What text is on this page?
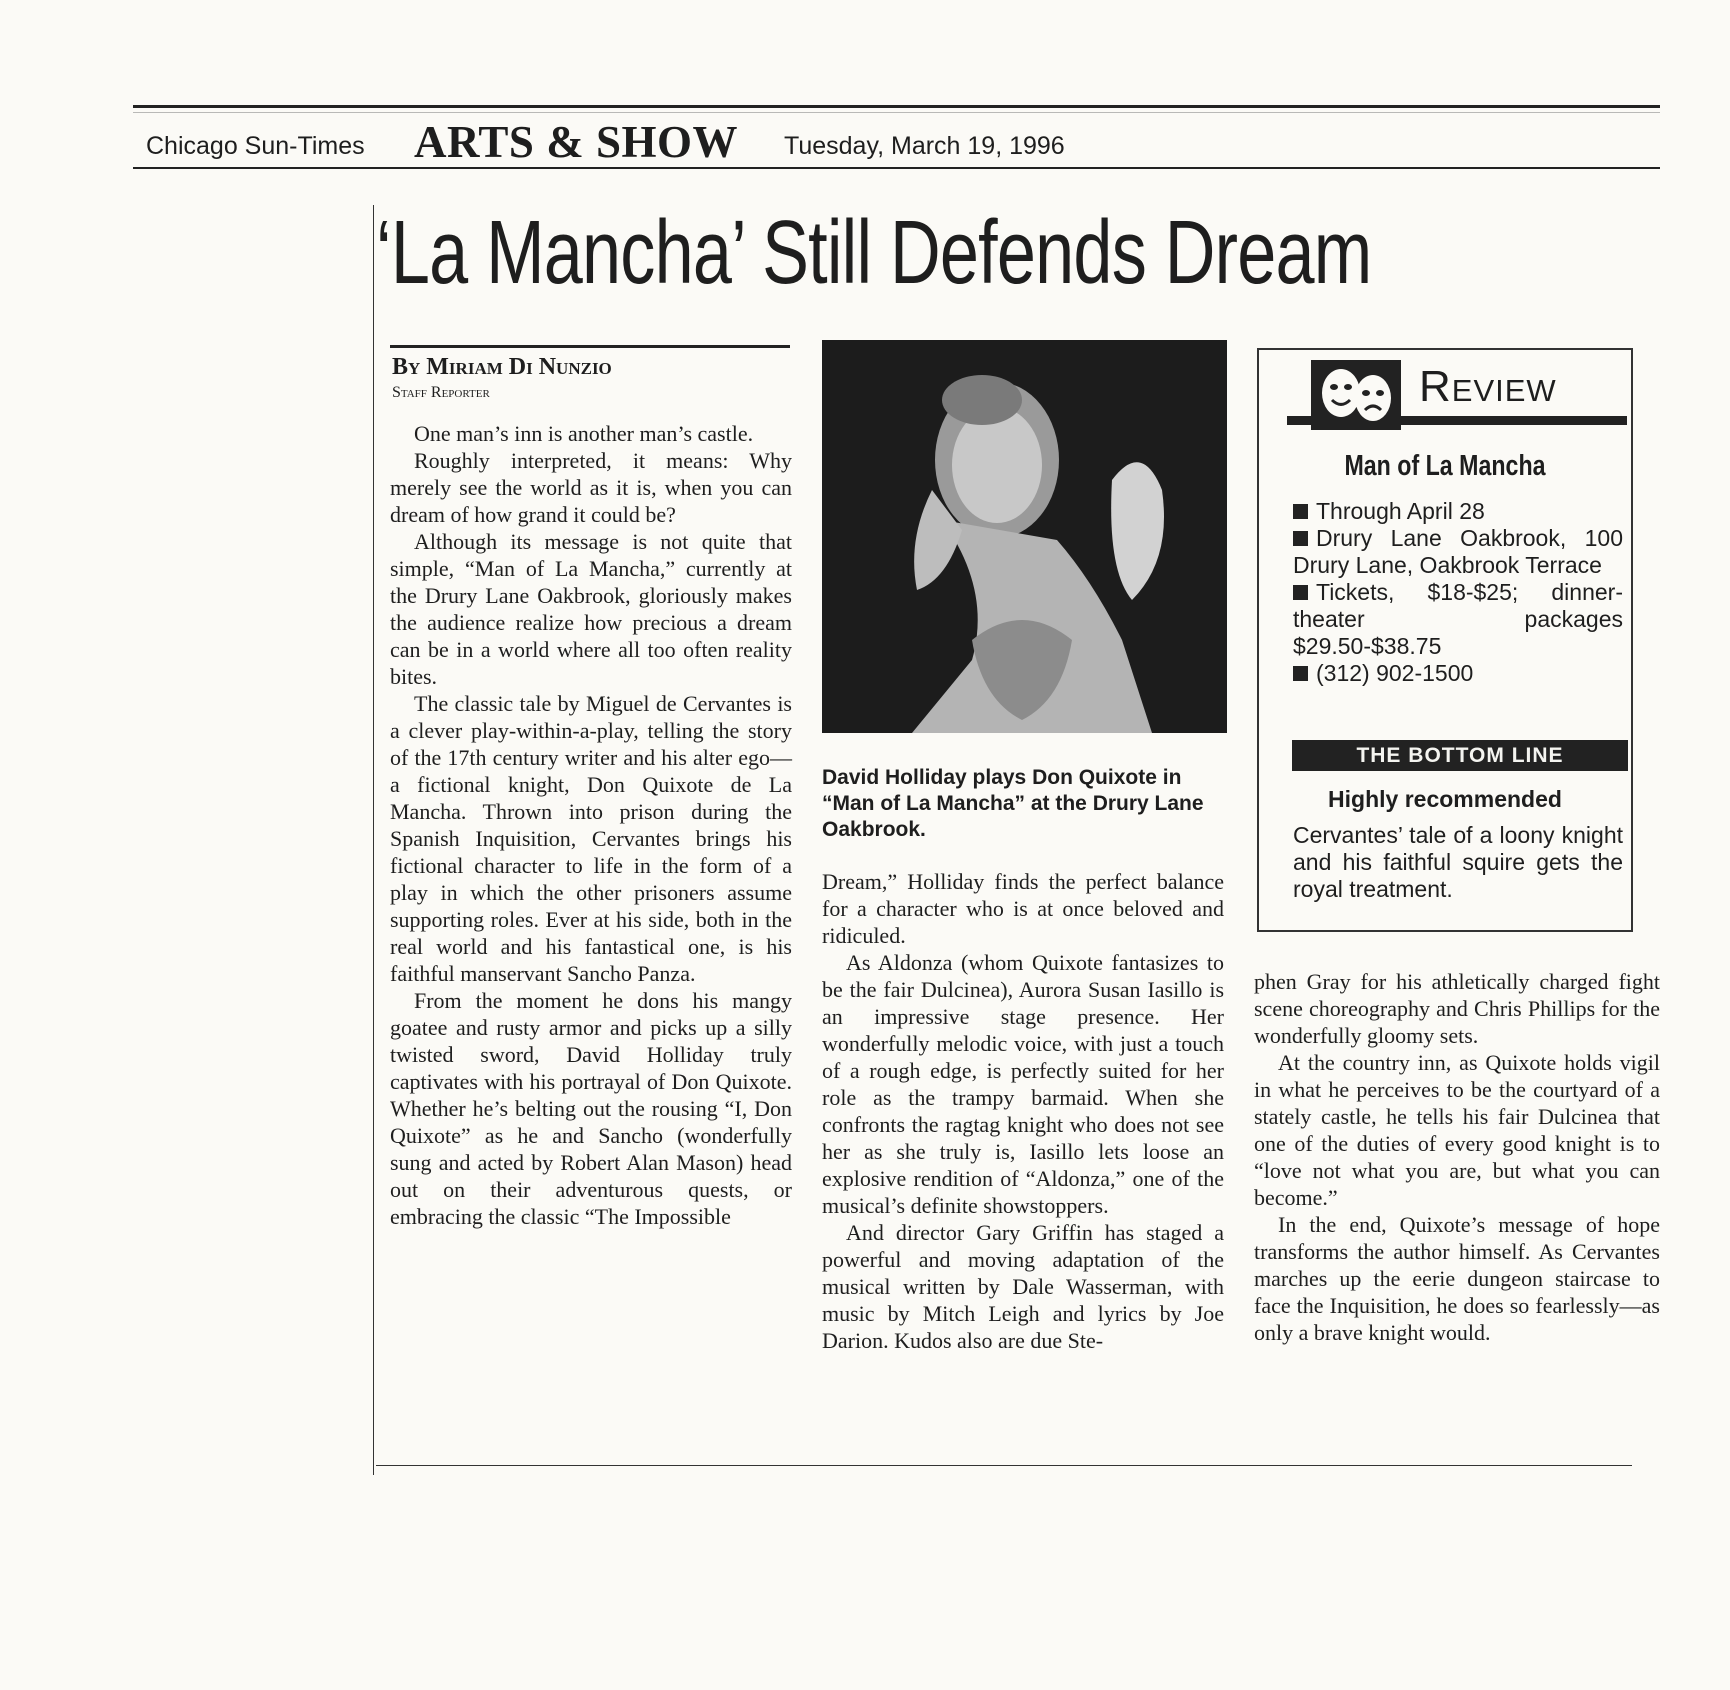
Chicago Sun-Times ARTS & SHOW Tuesday, March 19, 1996
‘La Mancha’ Still Defends Dream
By Miriam Di Nunzio
Staff Reporter

One man’s inn is another man’s castle.

Roughly interpreted, it means: Why merely see the world as it is, when you can dream of how grand it could be?

Although its message is not quite that simple, “Man of La Mancha,” currently at the Drury Lane Oakbrook, gloriously makes the audience realize how precious a dream can be in a world where all too often reality bites.

The classic tale by Miguel de Cervantes is a clever play-within-a-play, telling the story of the 17th century writer and his alter ego—a fictional knight, Don Quixote de La Mancha. Thrown into prison during the Spanish Inquisition, Cervantes brings his fictional character to life in the form of a play in which the other prisoners assume supporting roles. Ever at his side, both in the real world and his fantastical one, is his faithful manservant Sancho Panza.

From the moment he dons his mangy goatee and rusty armor and picks up a silly twisted sword, David Holliday truly captivates with his portrayal of Don Quixote. Whether he’s belting out the rousing “I, Don Quixote” as he and Sancho (wonderfully sung and acted by Robert Alan Mason) head out on their adventurous quests, or embracing the classic “The Impossible

David Holliday plays Don Quixote in “Man of La Mancha” at the Drury Lane Oakbrook.

Dream,” Holliday finds the perfect balance for a character who is at once beloved and ridiculed.

As Aldonza (whom Quixote fantasizes to be the fair Dulcinea), Aurora Susan Iasillo is an impressive stage presence. Her wonderfully melodic voice, with just a touch of a rough edge, is perfectly suited for her role as the trampy barmaid. When she confronts the ragtag knight who does not see her as she truly is, Iasillo lets loose an explosive rendition of “Aldonza,” one of the musical’s definite showstoppers.

And director Gary Griffin has staged a powerful and moving adaptation of the musical written by Dale Wasserman, with music by Mitch Leigh and lyrics by Joe Darion. Kudos also are due Ste-

phen Gray for his athletically charged fight scene choreography and Chris Phillips for the wonderfully gloomy sets.

At the country inn, as Quixote holds vigil in what he perceives to be the courtyard of a stately castle, he tells his fair Dulcinea that one of the duties of every good knight is to “love not what you are, but what you can become.”

In the end, Quixote’s message of hope transforms the author himself. As Cervantes marches up the eerie dungeon staircase to face the Inquisition, he does so fearlessly—as only a brave knight would.

Review
Man of La Mancha
Through April 28
Drury Lane Oakbrook, 100 Drury Lane, Oakbrook Terrace
Tickets, $18-$25; dinner-theater packages $29.50-$38.75
(312) 902-1500
THE BOTTOM LINE
Highly recommended
Cervantes’ tale of a loony knight and his faithful squire gets the royal treatment.
